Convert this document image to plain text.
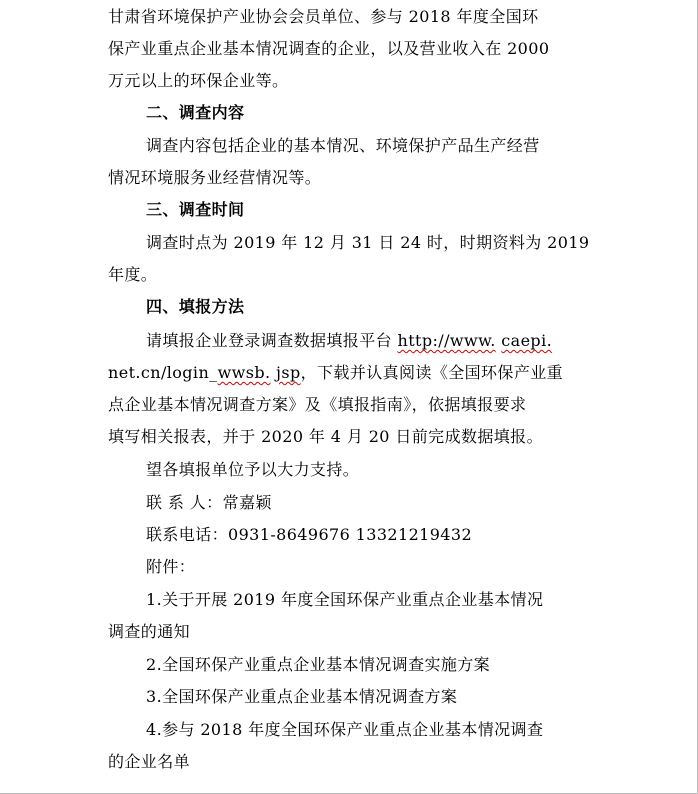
甘肃省环境保护产业协会会员单位、参与 2018 年度全国环
保产业重点企业基本情况调查的企业，以及营业收入在 2000
万元以上的环保企业等。
二、调查内容
调查内容包括企业的基本情况、环境保护产品生产经营
情况环境服务业经营情况等。
三、调查时间
调查时点为 2019 年 12 月 31 日 24 时，时期资料为 2019
年度。
四、填报方法
请填报企业登录调查数据填报平台 http://www. caepi.
net.cn/login_wwsb. jsp，下载并认真阅读《全国环保产业重
点企业基本情况调查方案》及《填报指南》，依据填报要求
填写相关报表，并于 2020 年 4 月 20 日前完成数据填报。
望各填报单位予以大力支持。
联 系 人：常嘉颖
联系电话：0931-8649676 13321219432
附件：
1.关于开展 2019 年度全国环保产业重点企业基本情况
调查的通知
2.全国环保产业重点企业基本情况调查实施方案
3.全国环保产业重点企业基本情况调查方案
4.参与 2018 年度全国环保产业重点企业基本情况调查
的企业名单
